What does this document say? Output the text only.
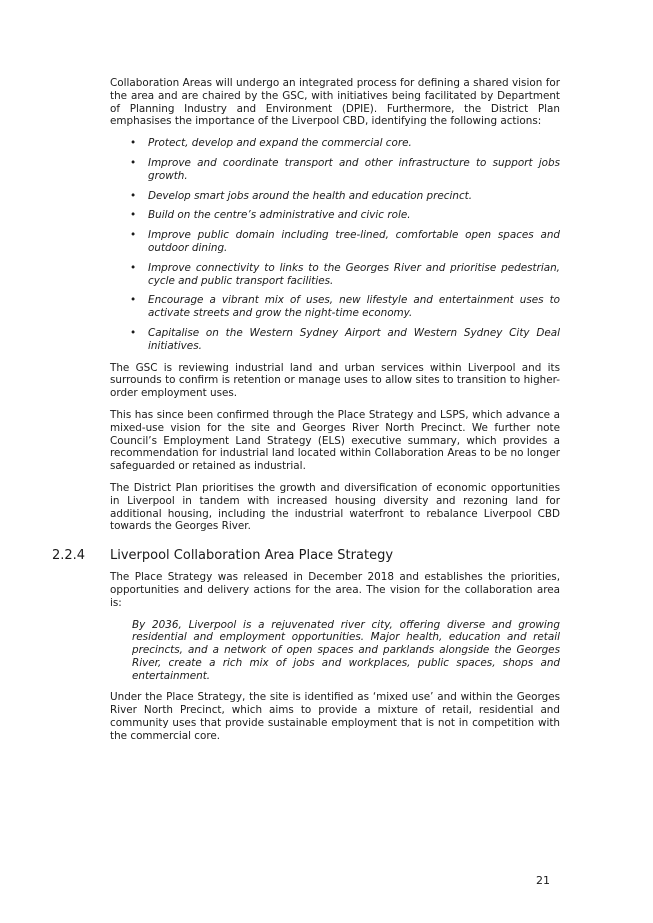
Collaboration Areas will undergo an integrated process for defining a shared vision for the area and are chaired by the GSC, with initiatives being facilitated by Department of Planning Industry and Environment (DPIE). Furthermore, the District Plan emphasises the importance of the Liverpool CBD, identifying the following actions:

• Protect, develop and expand the commercial core.
• Improve and coordinate transport and other infrastructure to support jobs growth.
• Develop smart jobs around the health and education precinct.
• Build on the centre’s administrative and civic role.
• Improve public domain including tree-lined, comfortable open spaces and outdoor dining.
• Improve connectivity to links to the Georges River and prioritise pedestrian, cycle and public transport facilities.
• Encourage a vibrant mix of uses, new lifestyle and entertainment uses to activate streets and grow the night-time economy.
• Capitalise on the Western Sydney Airport and Western Sydney City Deal initiatives.

The GSC is reviewing industrial land and urban services within Liverpool and its surrounds to confirm is retention or manage uses to allow sites to transition to higher-order employment uses.

This has since been confirmed through the Place Strategy and LSPS, which advance a mixed-use vision for the site and Georges River North Precinct. We further note Council’s Employment Land Strategy (ELS) executive summary, which provides a recommendation for industrial land located within Collaboration Areas to be no longer safeguarded or retained as industrial.

The District Plan prioritises the growth and diversification of economic opportunities in Liverpool in tandem with increased housing diversity and rezoning land for additional housing, including the industrial waterfront to rebalance Liverpool CBD towards the Georges River.

2.2.4 Liverpool Collaboration Area Place Strategy

The Place Strategy was released in December 2018 and establishes the priorities, opportunities and delivery actions for the area. The vision for the collaboration area is:

By 2036, Liverpool is a rejuvenated river city, offering diverse and growing residential and employment opportunities. Major health, education and retail precincts, and a network of open spaces and parklands alongside the Georges River, create a rich mix of jobs and workplaces, public spaces, shops and entertainment.

Under the Place Strategy, the site is identified as ‘mixed use’ and within the Georges River North Precinct, which aims to provide a mixture of retail, residential and community uses that provide sustainable employment that is not in competition with the commercial core.

21
